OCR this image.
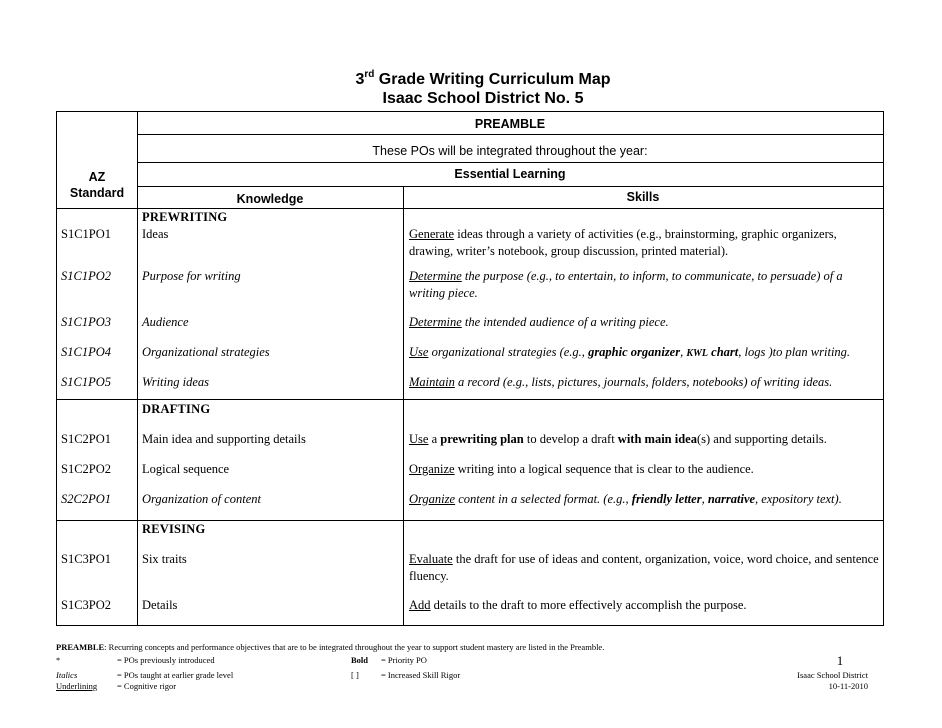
3rd Grade Writing Curriculum Map
Isaac School District No. 5
PREAMBLE
These POs will be integrated throughout the year:
AZ
Standard
Essential Learning
Knowledge	Skills
PREWRITING
S1C1PO1 Ideas	Generate ideas through a variety of activities (e.g., brainstorming, graphic organizers, drawing, writer’s notebook, group discussion, printed material).
S1C1PO2 Purpose for writing	Determine the purpose (e.g., to entertain, to inform, to communicate, to persuade) of a writing piece.
S1C1PO3 Audience	Determine the intended audience of a writing piece.
S1C1PO4 Organizational strategies	Use organizational strategies (e.g., graphic organizer, KWL chart, logs )to plan writing.
S1C1PO5 Writing ideas	Maintain a record (e.g., lists, pictures, journals, folders, notebooks) of writing ideas.
DRAFTING
S1C2PO1 Main idea and supporting details	Use a prewriting plan to develop a draft with main idea(s) and supporting details.
S1C2PO2 Logical sequence	Organize writing into a logical sequence that is clear to the audience.
S2C2PO1 Organization of content	Organize content in a selected format. (e.g., friendly letter, narrative, expository text).
REVISING
S1C3PO1 Six traits	Evaluate the draft for use of ideas and content, organization, voice, word choice, and sentence fluency.
S1C3PO2 Details	Add details to the draft to more effectively accomplish the purpose.
PREAMBLE: Recurring concepts and performance objectives that are to be integrated throughout the year to support student mastery are listed in the Preamble.
*	= POs previously introduced
Italics	= POs taught at earlier grade level
Underlining = Cognitive rigor
Bold = Priority PO
[ ]	= Increased Skill Rigor
1
Isaac School District
10-11-2010
